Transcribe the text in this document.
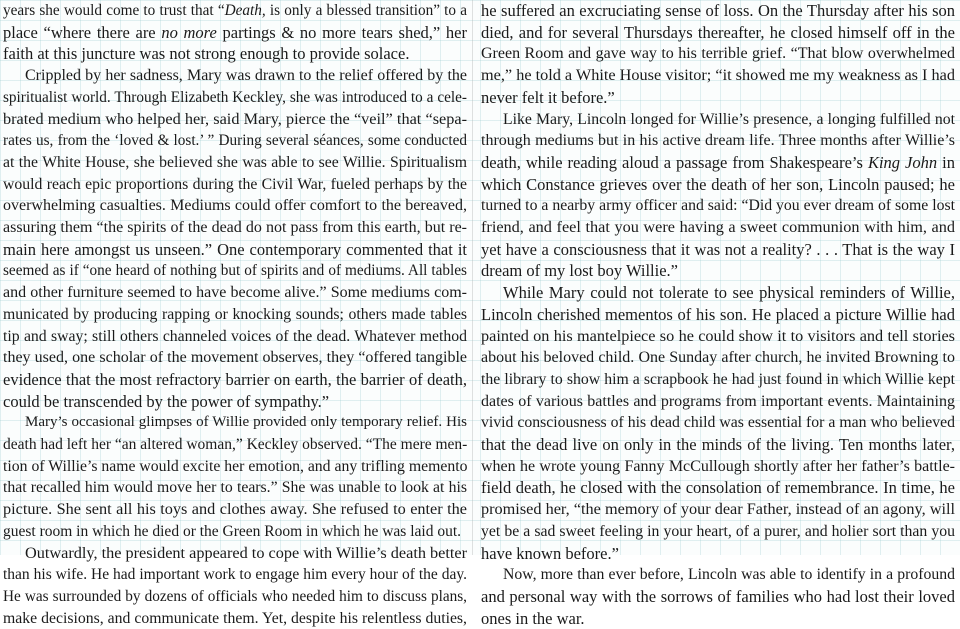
years she would come to trust that “Death, is only a blessed transition” to a

place “where there are no more partings & no more tears shed,” her

faith at this juncture was not strong enough to provide solace.

Crippled by her sadness, Mary was drawn to the relief offered by the

spiritualist world. Through Elizabeth Keckley, she was introduced to a cele-

brated medium who helped her, said Mary, pierce the “veil” that “sepa-

rates us, from the ‘loved & lost.’ ” During several séances, some conducted

at the White House, she believed she was able to see Willie. Spiritualism

would reach epic proportions during the Civil War, fueled perhaps by the

overwhelming casualties. Mediums could offer comfort to the bereaved,

assuring them “the spirits of the dead do not pass from this earth, but re-

main here amongst us unseen.” One contemporary commented that it

seemed as if “one heard of nothing but of spirits and of mediums. All tables

and other furniture seemed to have become alive.” Some mediums com-

municated by producing rapping or knocking sounds; others made tables

tip and sway; still others channeled voices of the dead. Whatever method

they used, one scholar of the movement observes, they “offered tangible

evidence that the most refractory barrier on earth, the barrier of death,

could be transcended by the power of sympathy.”

Mary’s occasional glimpses of Willie provided only temporary relief. His

death had left her “an altered woman,” Keckley observed. “The mere men-

tion of Willie’s name would excite her emotion, and any trifling memento

that recalled him would move her to tears.” She was unable to look at his

picture. She sent all his toys and clothes away. She refused to enter the

guest room in which he died or the Green Room in which he was laid out.

Outwardly, the president appeared to cope with Willie’s death better

than his wife. He had important work to engage him every hour of the day.

He was surrounded by dozens of officials who needed him to discuss plans,

make decisions, and communicate them. Yet, despite his relentless duties,

he suffered an excruciating sense of loss. On the Thursday after his son

died, and for several Thursdays thereafter, he closed himself off in the

Green Room and gave way to his terrible grief. “That blow overwhelmed

me,” he told a White House visitor; “it showed me my weakness as I had

never felt it before.”

Like Mary, Lincoln longed for Willie’s presence, a longing fulfilled not

through mediums but in his active dream life. Three months after Willie’s

death, while reading aloud a passage from Shakespeare’s King John in

which Constance grieves over the death of her son, Lincoln paused; he

turned to a nearby army officer and said: “Did you ever dream of some lost

friend, and feel that you were having a sweet communion with him, and

yet have a consciousness that it was not a reality? . . . That is the way I

dream of my lost boy Willie.”

While Mary could not tolerate to see physical reminders of Willie,

Lincoln cherished mementos of his son. He placed a picture Willie had

painted on his mantelpiece so he could show it to visitors and tell stories

about his beloved child. One Sunday after church, he invited Browning to

the library to show him a scrapbook he had just found in which Willie kept

dates of various battles and programs from important events. Maintaining

vivid consciousness of his dead child was essential for a man who believed

that the dead live on only in the minds of the living. Ten months later,

when he wrote young Fanny McCullough shortly after her father’s battle-

field death, he closed with the consolation of remembrance. In time, he

promised her, “the memory of your dear Father, instead of an agony, will

yet be a sad sweet feeling in your heart, of a purer, and holier sort than you

have known before.”

Now, more than ever before, Lincoln was able to identify in a profound

and personal way with the sorrows of families who had lost their loved

ones in the war.
